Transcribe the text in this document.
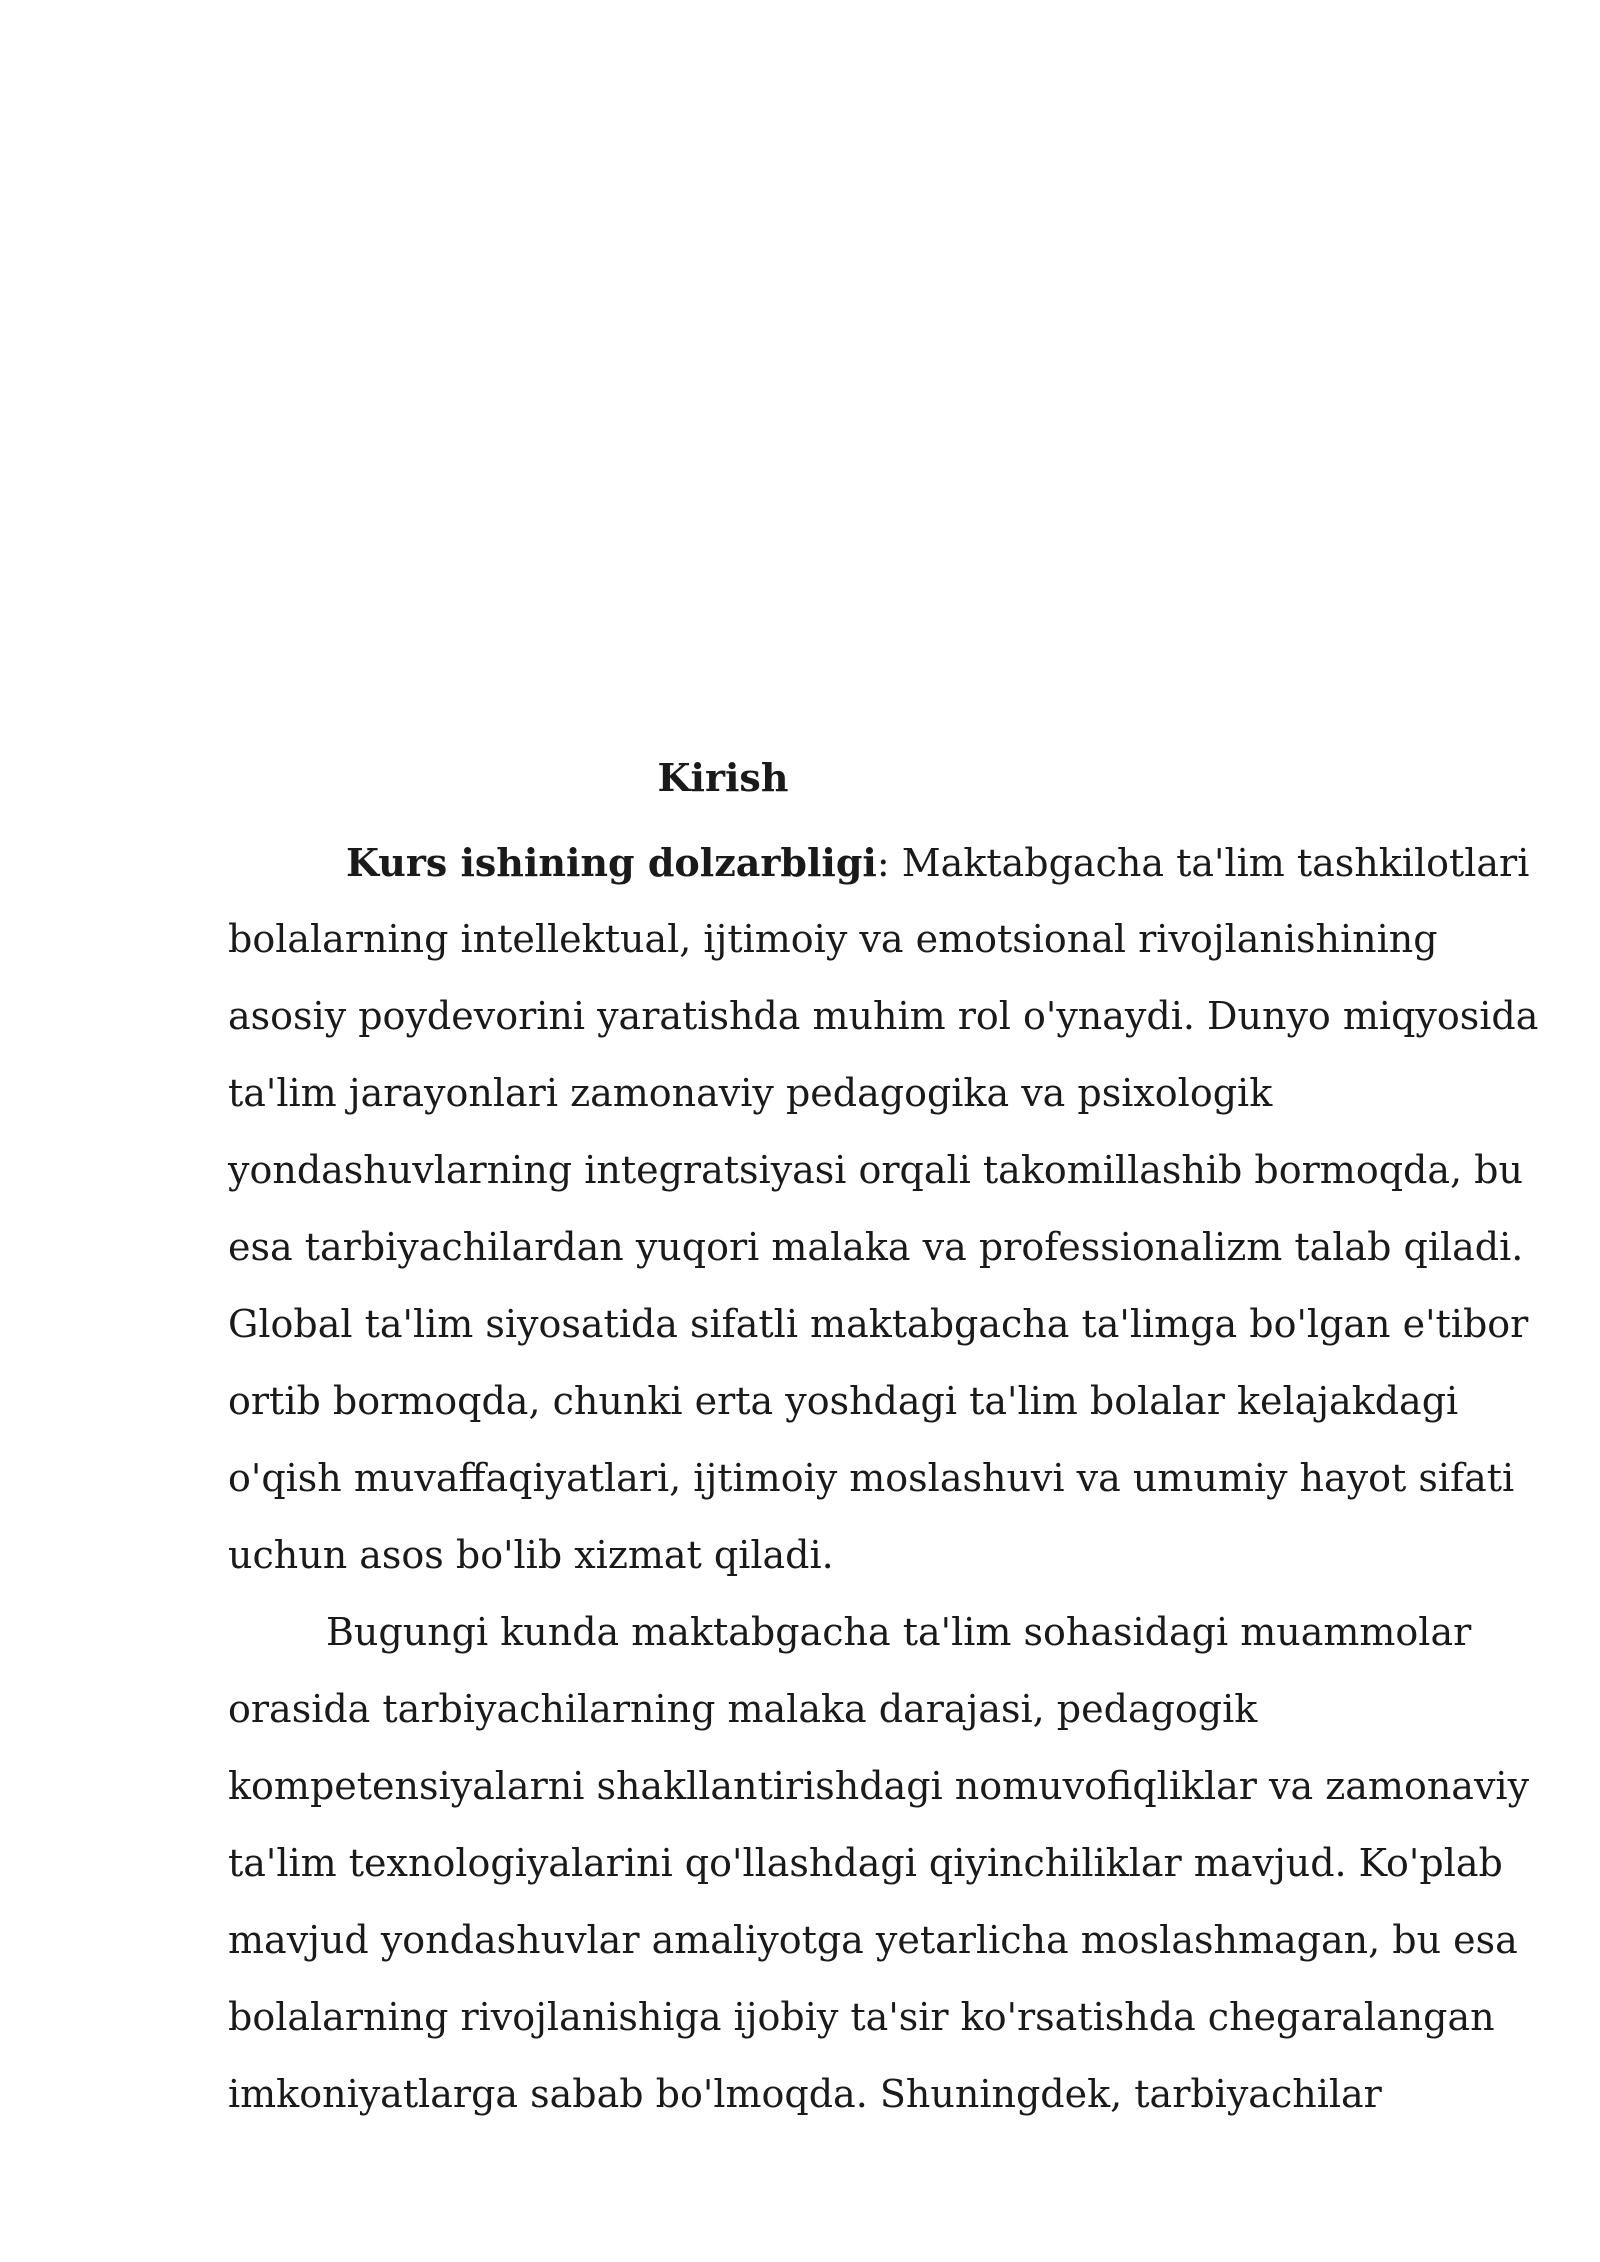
Kirish
Kurs ishining dolzarbligi: Maktabgacha ta'lim tashkilotlari
bolalarning intellektual, ijtimoiy va emotsional rivojlanishining
asosiy poydevorini yaratishda muhim rol o'ynaydi. Dunyo miqyosida
ta'lim jarayonlari zamonaviy pedagogika va psixologik
yondashuvlarning integratsiyasi orqali takomillashib bormoqda, bu
esa tarbiyachilardan yuqori malaka va professionalizm talab qiladi.
Global ta'lim siyosatida sifatli maktabgacha ta'limga bo'lgan e'tibor
ortib bormoqda, chunki erta yoshdagi ta'lim bolalar kelajakdagi
o'qish muvaffaqiyatlari, ijtimoiy moslashuvi va umumiy hayot sifati
uchun asos bo'lib xizmat qiladi.
Bugungi kunda maktabgacha ta'lim sohasidagi muammolar
orasida tarbiyachilarning malaka darajasi, pedagogik
kompetensiyalarni shakllantirishdagi nomuvofiqliklar va zamonaviy
ta'lim texnologiyalarini qo'llashdagi qiyinchiliklar mavjud. Ko'plab
mavjud yondashuvlar amaliyotga yetarlicha moslashmagan, bu esa
bolalarning rivojlanishiga ijobiy ta'sir ko'rsatishda chegaralangan
imkoniyatlarga sabab bo'lmoqda. Shuningdek, tarbiyachilar
